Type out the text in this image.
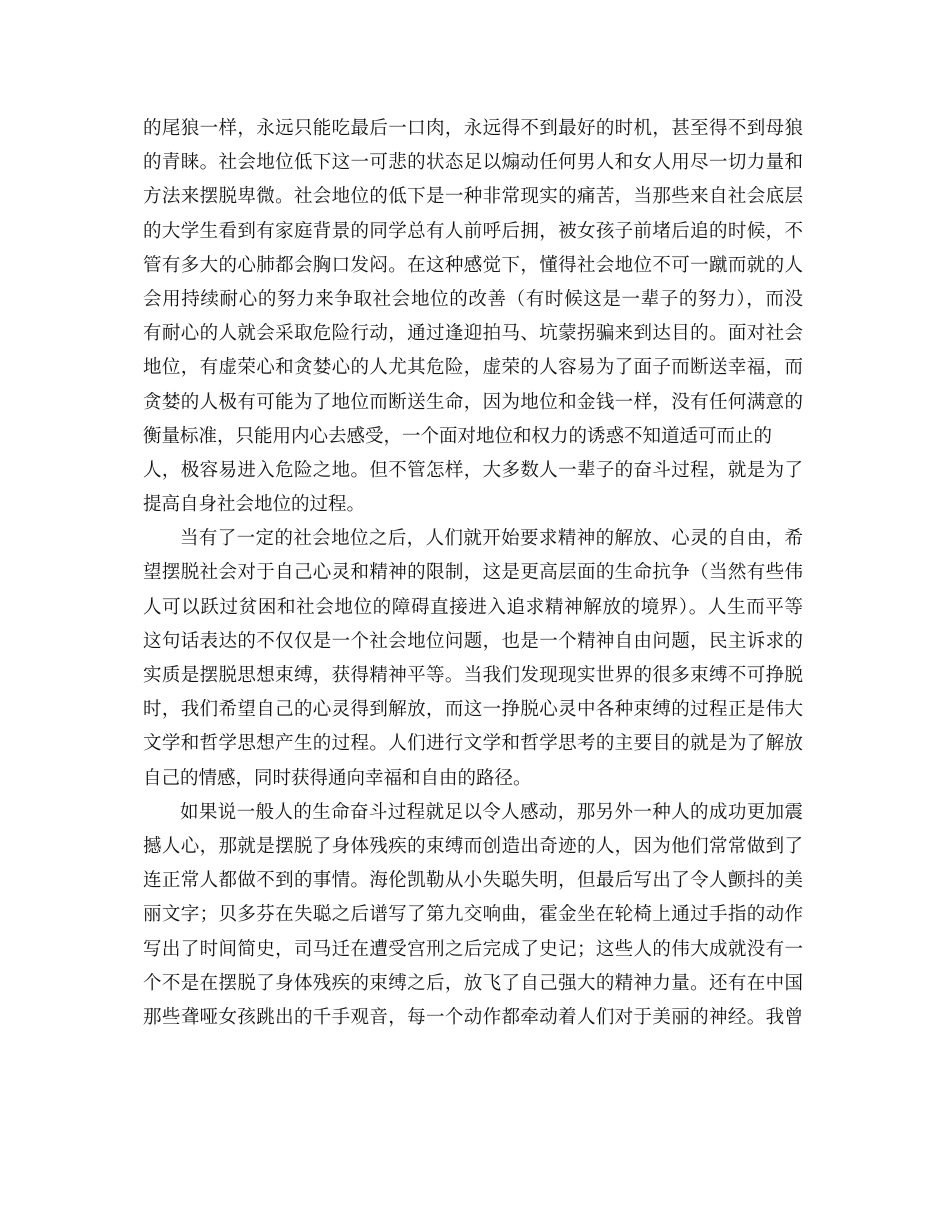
的尾狼一样，永远只能吃最后一口肉，永远得不到最好的时机，甚至得不到母狼
的青睐。社会地位低下这一可悲的状态足以煽动任何男人和女人用尽一切力量和
方法来摆脱卑微。社会地位的低下是一种非常现实的痛苦，当那些来自社会底层
的大学生看到有家庭背景的同学总有人前呼后拥，被女孩子前堵后追的时候，不
管有多大的心肺都会胸口发闷。在这种感觉下，懂得社会地位不可一蹴而就的人
会用持续耐心的努力来争取社会地位的改善（有时候这是一辈子的努力），而没
有耐心的人就会采取危险行动，通过逢迎拍马、坑蒙拐骗来到达目的。面对社会
地位，有虚荣心和贪婪心的人尤其危险，虚荣的人容易为了面子而断送幸福，而
贪婪的人极有可能为了地位而断送生命，因为地位和金钱一样，没有任何满意的
衡量标准，只能用内心去感受，一个面对地位和权力的诱惑不知道适可而止的
人，极容易进入危险之地。但不管怎样，大多数人一辈子的奋斗过程，就是为了
提高自身社会地位的过程。
当有了一定的社会地位之后，人们就开始要求精神的解放、心灵的自由，希
望摆脱社会对于自己心灵和精神的限制，这是更高层面的生命抗争（当然有些伟
人可以跃过贫困和社会地位的障碍直接进入追求精神解放的境界）。人生而平等
这句话表达的不仅仅是一个社会地位问题，也是一个精神自由问题，民主诉求的
实质是摆脱思想束缚，获得精神平等。当我们发现现实世界的很多束缚不可挣脱
时，我们希望自己的心灵得到解放，而这一挣脱心灵中各种束缚的过程正是伟大
文学和哲学思想产生的过程。人们进行文学和哲学思考的主要目的就是为了解放
自己的情感，同时获得通向幸福和自由的路径。
如果说一般人的生命奋斗过程就足以令人感动，那另外一种人的成功更加震
撼人心，那就是摆脱了身体残疾的束缚而创造出奇迹的人，因为他们常常做到了
连正常人都做不到的事情。海伦凯勒从小失聪失明，但最后写出了令人颤抖的美
丽文字；贝多芬在失聪之后谱写了第九交响曲，霍金坐在轮椅上通过手指的动作
写出了时间简史，司马迁在遭受宫刑之后完成了史记；这些人的伟大成就没有一
个不是在摆脱了身体残疾的束缚之后，放飞了自己强大的精神力量。还有在中国
那些聋哑女孩跳出的千手观音，每一个动作都牵动着人们对于美丽的神经。我曾
